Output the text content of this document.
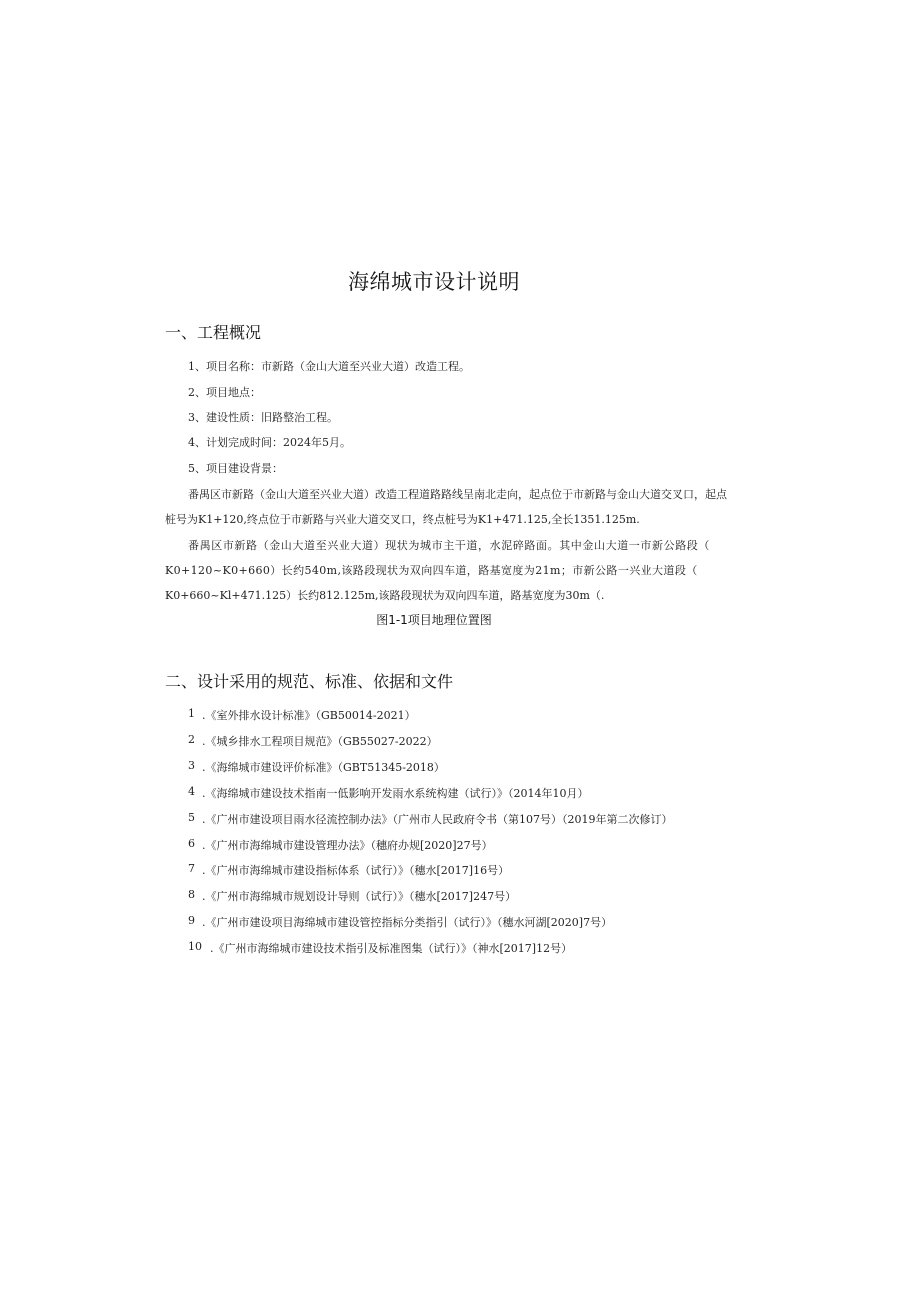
海绵城市设计说明
一、工程概况
1、项目名称：市新路（金山大道至兴业大道）改造工程。
2、项目地点：
3、建设性质：旧路整治工程。
4、计划完成时间：2024年5月。
5、项目建设背景：
番禺区市新路（金山大道至兴业大道）改造工程道路路线呈南北走向，起点位于市新路与金山大道交叉口，起点
桩号为K1+120,终点位于市新路与兴业大道交叉口，终点桩号为K1+471.125,全长1351.125m.
番禺区市新路（金山大道至兴业大道）现状为城市主干道，水泥碎路面。其中金山大道一市新公路段（
K0+120~K0+660）长约540m,该路段现状为双向四车道，路基宽度为21m；市新公路一兴业大道段（
K0+660~Kl+471.125）长约812.125m,该路段现状为双向四车道，路基宽度为30m（.
图1-1项目地理位置图
二、设计采用的规范、标准、依据和文件
1 .《室外排水设计标准》（GB50014-2021）
2 .《城乡排水工程项目规范》（GB55027-2022）
3 .《海绵城市建设评价标准》（GBT51345-2018）
4 .《海绵城市建设技术指南一低影响开发雨水系统构建（试行）》（2014年10月）
5 .《广州市建设项目雨水径流控制办法》（广州市人民政府令书（第107号）（2019年第二次修订）
6 .《广州市海绵城市建设管理办法》（穗府办规[2020]27号）
7 .《广州市海绵城市建设指标体系（试行）》（穗水[2017]16号）
8 .《广州市海绵城市规划设计导则（试行）》（穗水[2017]247号）
9 .《广州市建设项目海绵城市建设管控指标分类指引（试行）》（穗水河湖[2020]7号）
10 .《广州市海绵城市建设技术指引及标准图集（试行）》（神水[2017]12号）
